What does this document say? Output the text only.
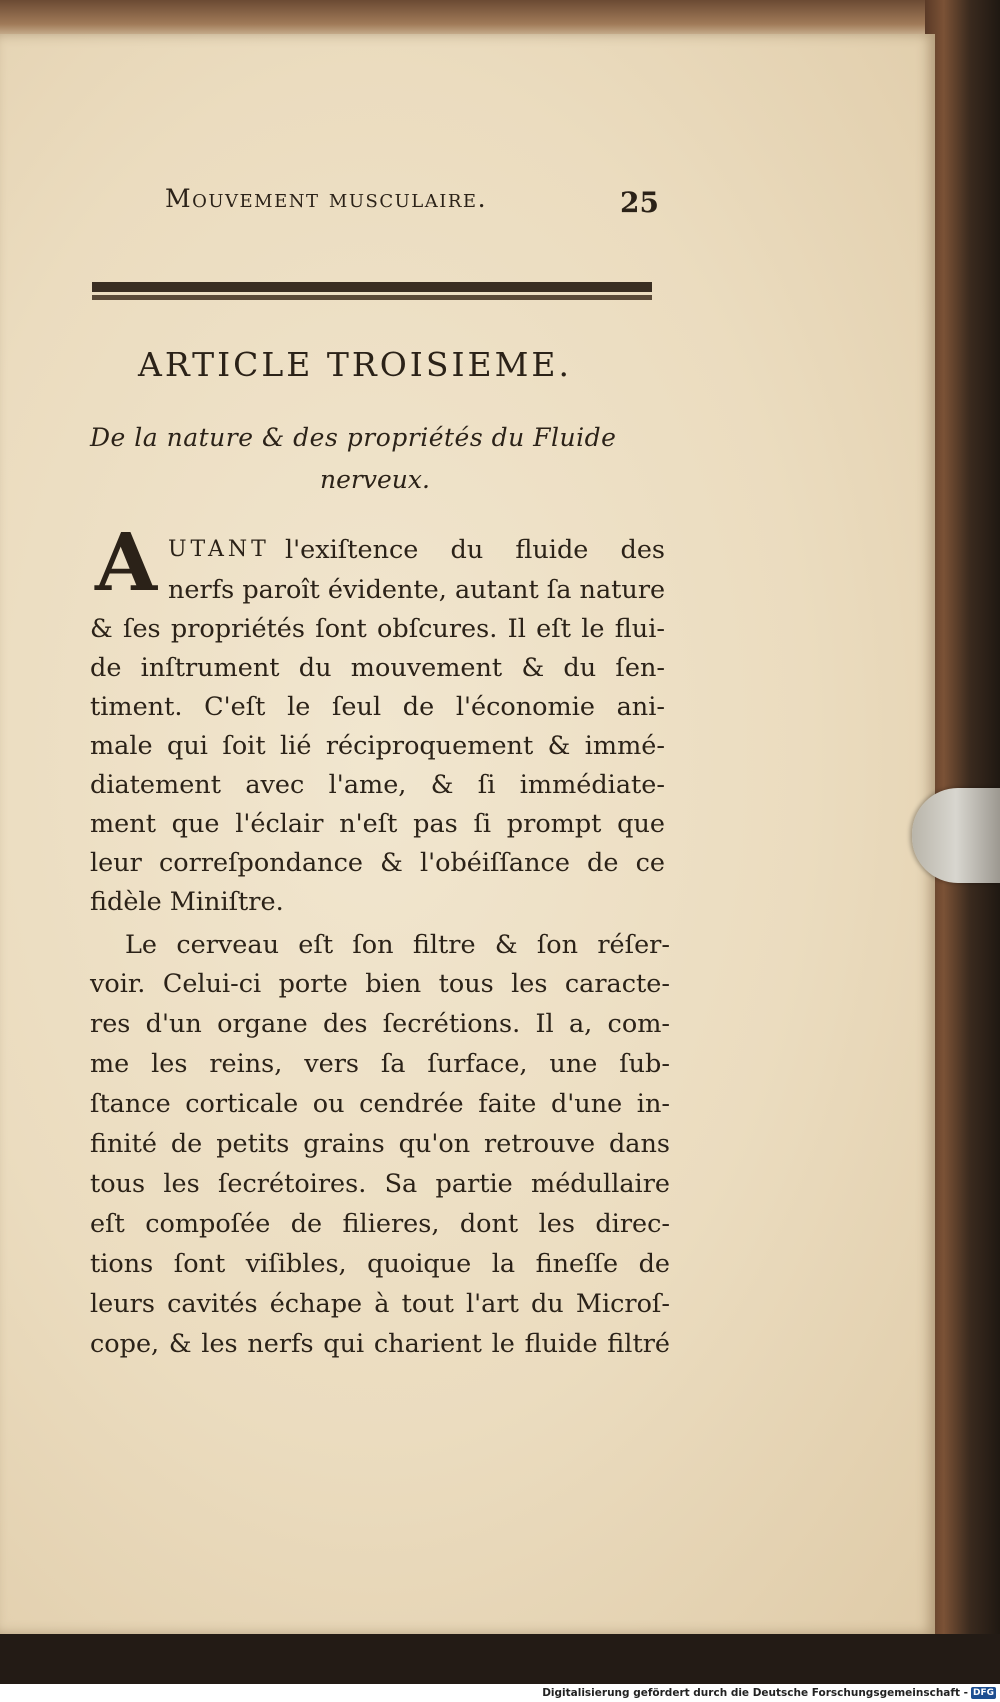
Mouvement musculaire.	25
ARTICLE TROISIEME.
De la nature & des propriétés du Fluide
nerveux.
A UTANT l'exiſtence du fluide des
nerfs paroît évidente, autant ſa nature
& ſes propriétés ſont obſcures. Il eſt le flui-
de inſtrument du mouvement & du ſen-
timent. C'eſt le ſeul de l'économie ani-
male qui ſoit lié réciproquement & immé-
diatement avec l'ame, & ſi immédiate-
ment que l'éclair n'eſt pas ſi prompt que
leur correſpondance & l'obéiſſance de ce
fidèle Miniſtre.
Le cerveau eſt ſon filtre & ſon réſer-
voir. Celui-ci porte bien tous les caracte-
res d'un organe des ſecrétions. Il a, com-
me les reins, vers ſa ſurface, une ſub-
ſtance corticale ou cendrée faite d'une in-
finité de petits grains qu'on retrouve dans
tous les ſecrétoires. Sa partie médullaire
eſt compoſée de filieres, dont les direc-
tions ſont viſibles, quoique la fineſſe de
leurs cavités échape à tout l'art du Microſ-
cope, & les nerfs qui charient le fluide filtré
Digitalisierung gefördert durch die Deutsche Forschungsgemeinschaft - DFG
